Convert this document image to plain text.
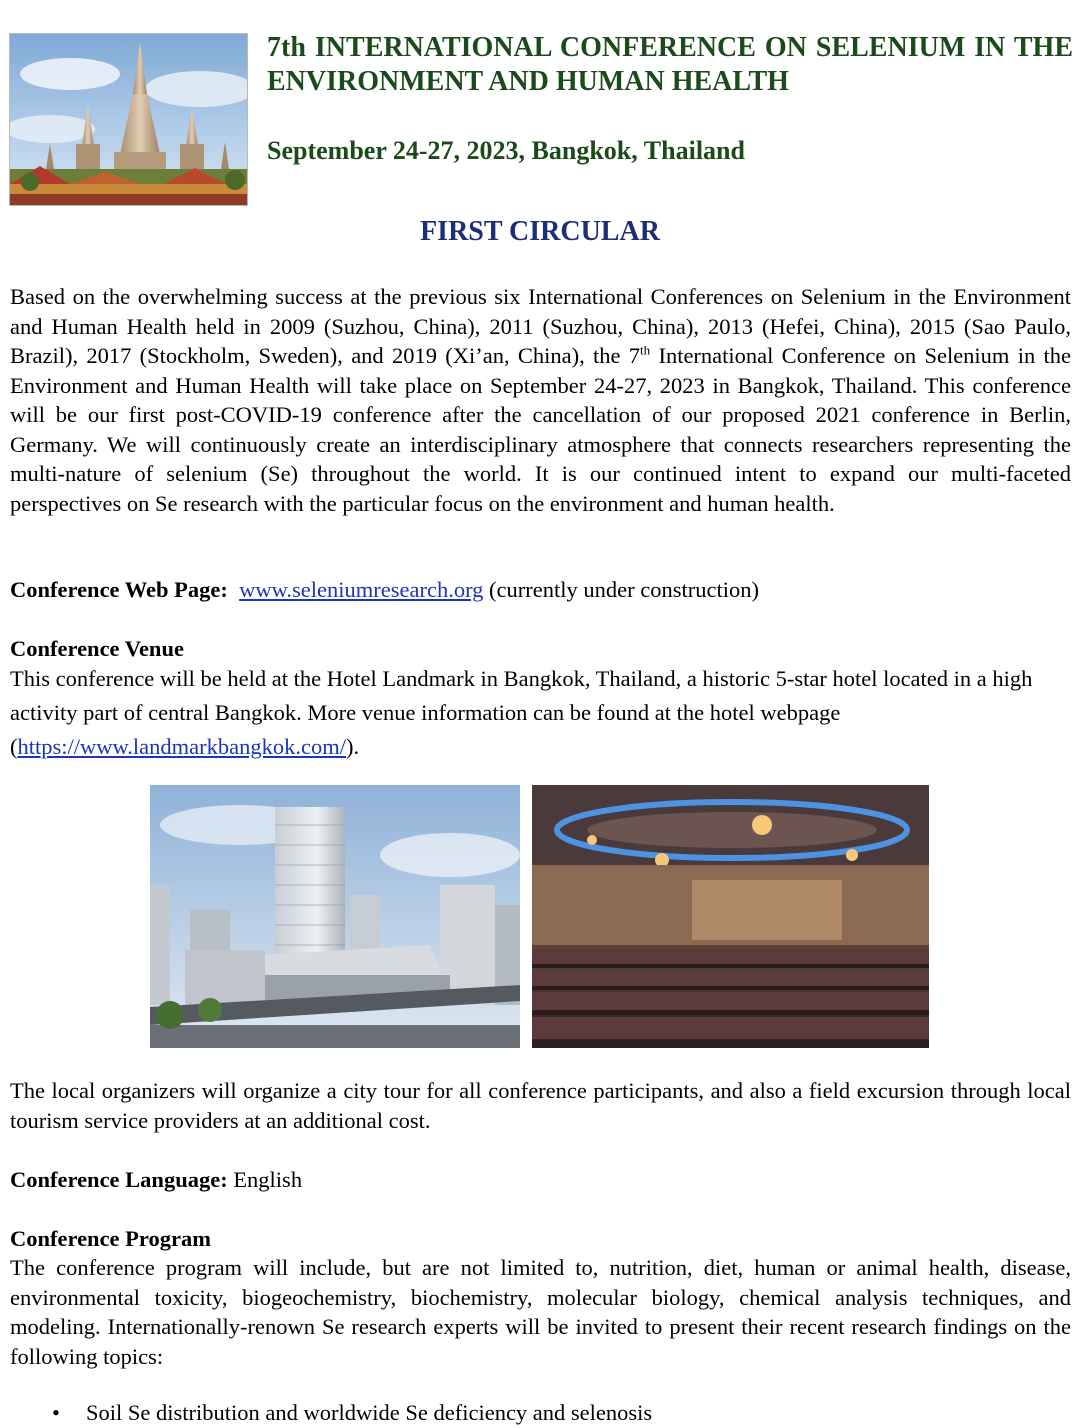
7th INTERNATIONAL CONFERENCE ON SELENIUM IN THE ENVIRONMENT AND HUMAN HEALTH

September 24-27, 2023, Bangkok, Thailand

FIRST CIRCULAR

Based on the overwhelming success at the previous six International Conferences on Selenium in the Environment and Human Health held in 2009 (Suzhou, China), 2011 (Suzhou, China), 2013 (Hefei, China), 2015 (Sao Paulo, Brazil), 2017 (Stockholm, Sweden), and 2019 (Xi’an, China), the 7th International Conference on Selenium in the Environment and Human Health will take place on September 24-27, 2023 in Bangkok, Thailand. This conference will be our first post-COVID-19 conference after the cancellation of our proposed 2021 conference in Berlin, Germany. We will continuously create an interdisciplinary atmosphere that connects researchers representing the multi-nature of selenium (Se) throughout the world. It is our continued intent to expand our multi-faceted perspectives on Se research with the particular focus on the environment and human health.

Conference Web Page: www.seleniumresearch.org (currently under construction)

Conference Venue

This conference will be held at the Hotel Landmark in Bangkok, Thailand, a historic 5-star hotel located in a high activity part of central Bangkok. More venue information can be found at the hotel webpage (https://www.landmarkbangkok.com/).

The local organizers will organize a city tour for all conference participants, and also a field excursion through local tourism service providers at an additional cost.

Conference Language: English

Conference Program

The conference program will include, but are not limited to, nutrition, diet, human or animal health, disease, environmental toxicity, biogeochemistry, biochemistry, molecular biology, chemical analysis techniques, and modeling. Internationally-renown Se research experts will be invited to present their recent research findings on the following topics:

• Soil Se distribution and worldwide Se deficiency and selenosis
